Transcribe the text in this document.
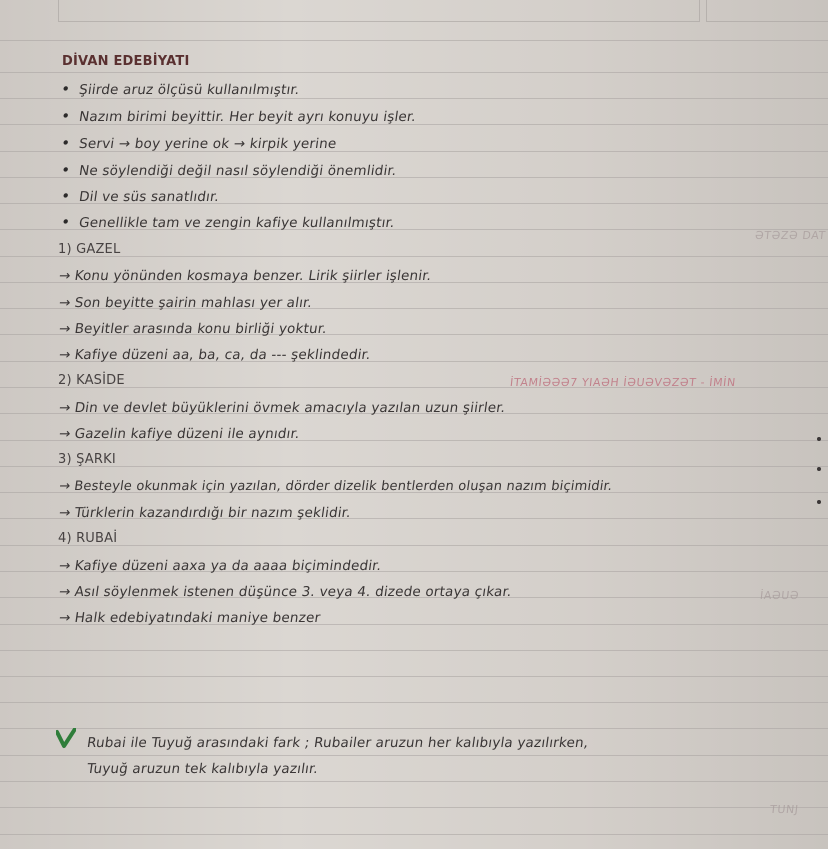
DİVAN EDEBİYATI
• Şiirde aruz ölçüsü kullanılmıştır.
• Nazım birimi beyittir. Her beyit ayrı konuyu işler.
• Servi → boy yerine ok → kirpik yerine
• Ne söylendiği değil nasıl söylendiği önemlidir.
• Dil ve süs sanatlıdır.
• Genellikle tam ve zengin kafiye kullanılmıştır.
1) GAZEL
→ Konu yönünden kosmaya benzer. Lirik şiirler işlenir.
→ Son beyitte şairin mahlası yer alır.
→ Beyitler arasında konu birliği yoktur.
→ Kafiye düzeni aa, ba, ca, da --- şeklindedir.
2) KASİDE
→ Din ve devlet büyüklerini övmek amacıyla yazılan uzun şiirler.
→ Gazelin kafiye düzeni ile aynıdır.
3) ŞARKI
→ Besteyle okunmak için yazılan, dörder dizelik bentlerden oluşan nazım biçimidir.
→ Türklerin kazandırdığı bir nazım şeklidir.
4) RUBAİ
→ Kafiye düzeni aaxa ya da aaaa biçimindedir.
→ Asıl söylenmek istenen düşünce 3. veya 4. dizede ortaya çıkar.
→ Halk edebiyatındaki maniye benzer
Rubai ile Tuyuğ arasındaki fark ; Rubailer aruzun her kalıbıyla yazılırken,
Tuyuğ aruzun tek kalıbıyla yazılır.
İTAMİƏƏƏ7 YIAƏH İƏUƏVƏZƏT - İMİN
ƏTƏZƏ DAT
İAƏUƏ
TUNJ
